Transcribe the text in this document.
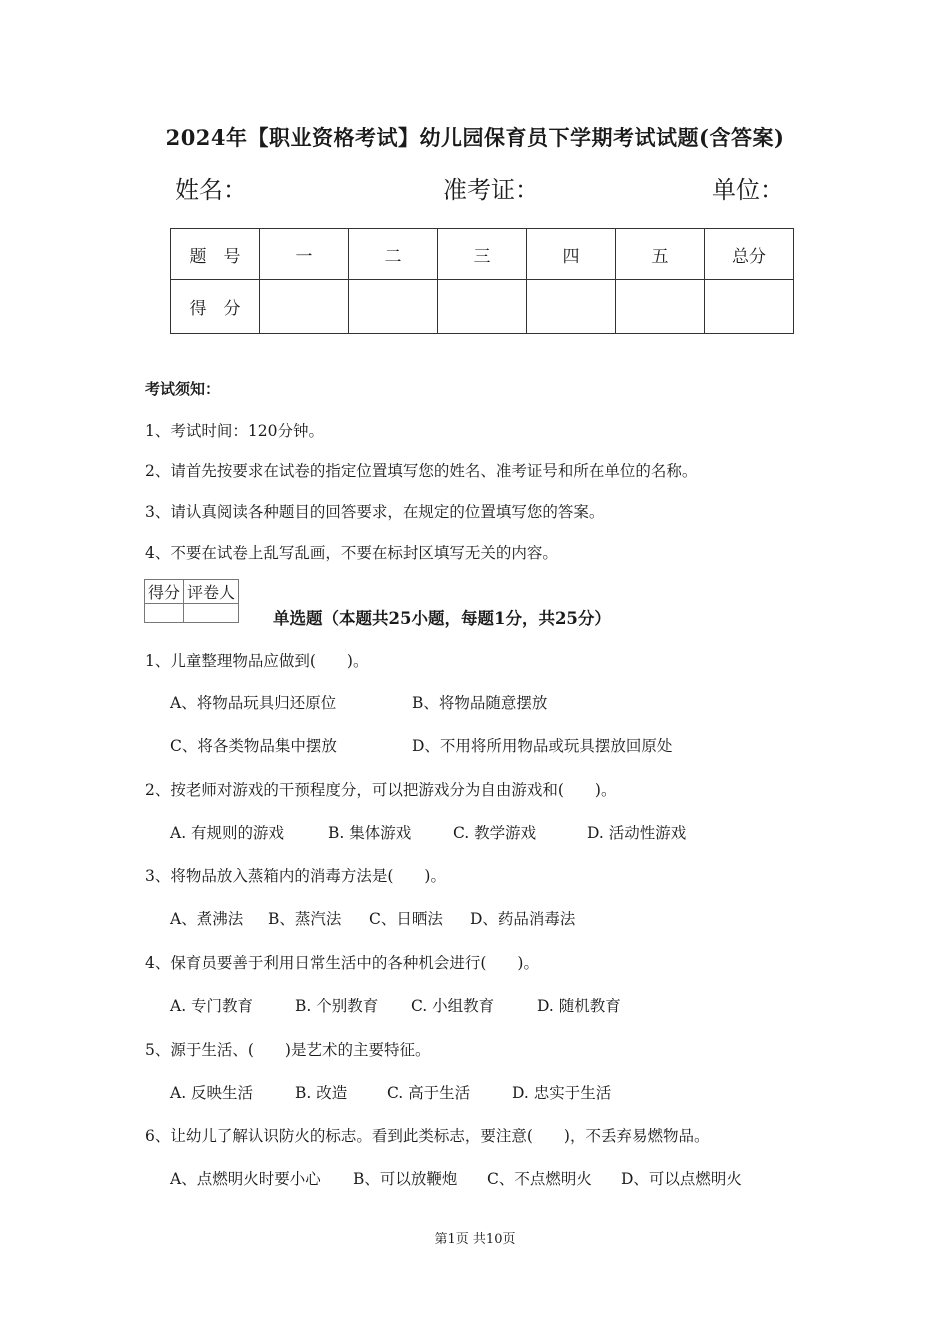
2024年【职业资格考试】幼儿园保育员下学期考试试题(含答案)
姓名：	准考证：	单位：
题　号	一	二	三	四	五	总分
得　分						
考试须知：
1、考试时间：120分钟。
2、请首先按要求在试卷的指定位置填写您的姓名、准考证号和所在单位的名称。
3、请认真阅读各种题目的回答要求，在规定的位置填写您的答案。
4、不要在试卷上乱写乱画，不要在标封区填写无关的内容。
得分	评卷人

单选题（本题共25小题，每题1分，共25分）
1、儿童整理物品应做到(　　)。
A、将物品玩具归还原位	B、将物品随意摆放
C、将各类物品集中摆放	D、不用将所用物品或玩具摆放回原处
2、按老师对游戏的干预程度分，可以把游戏分为自由游戏和(　　)。
A. 有规则的游戏	B. 集体游戏	C. 教学游戏	D. 活动性游戏
3、将物品放入蒸箱内的消毒方法是(　　)。
A、煮沸法 B、蒸汽法 C、日晒法 D、药品消毒法
4、保育员要善于利用日常生活中的各种机会进行(　　)。
A. 专门教育	B. 个别教育 C. 小组教育	D. 随机教育
5、源于生活、(　　)是艺术的主要特征。
A. 反映生活	B. 改造	C. 高于生活	D. 忠实于生活
6、让幼儿了解认识防火的标志。看到此类标志，要注意(　　)，不丢弃易燃物品。
A、点燃明火时要小心 B、可以放鞭炮 C、不点燃明火 D、可以点燃明火
第1页 共10页
